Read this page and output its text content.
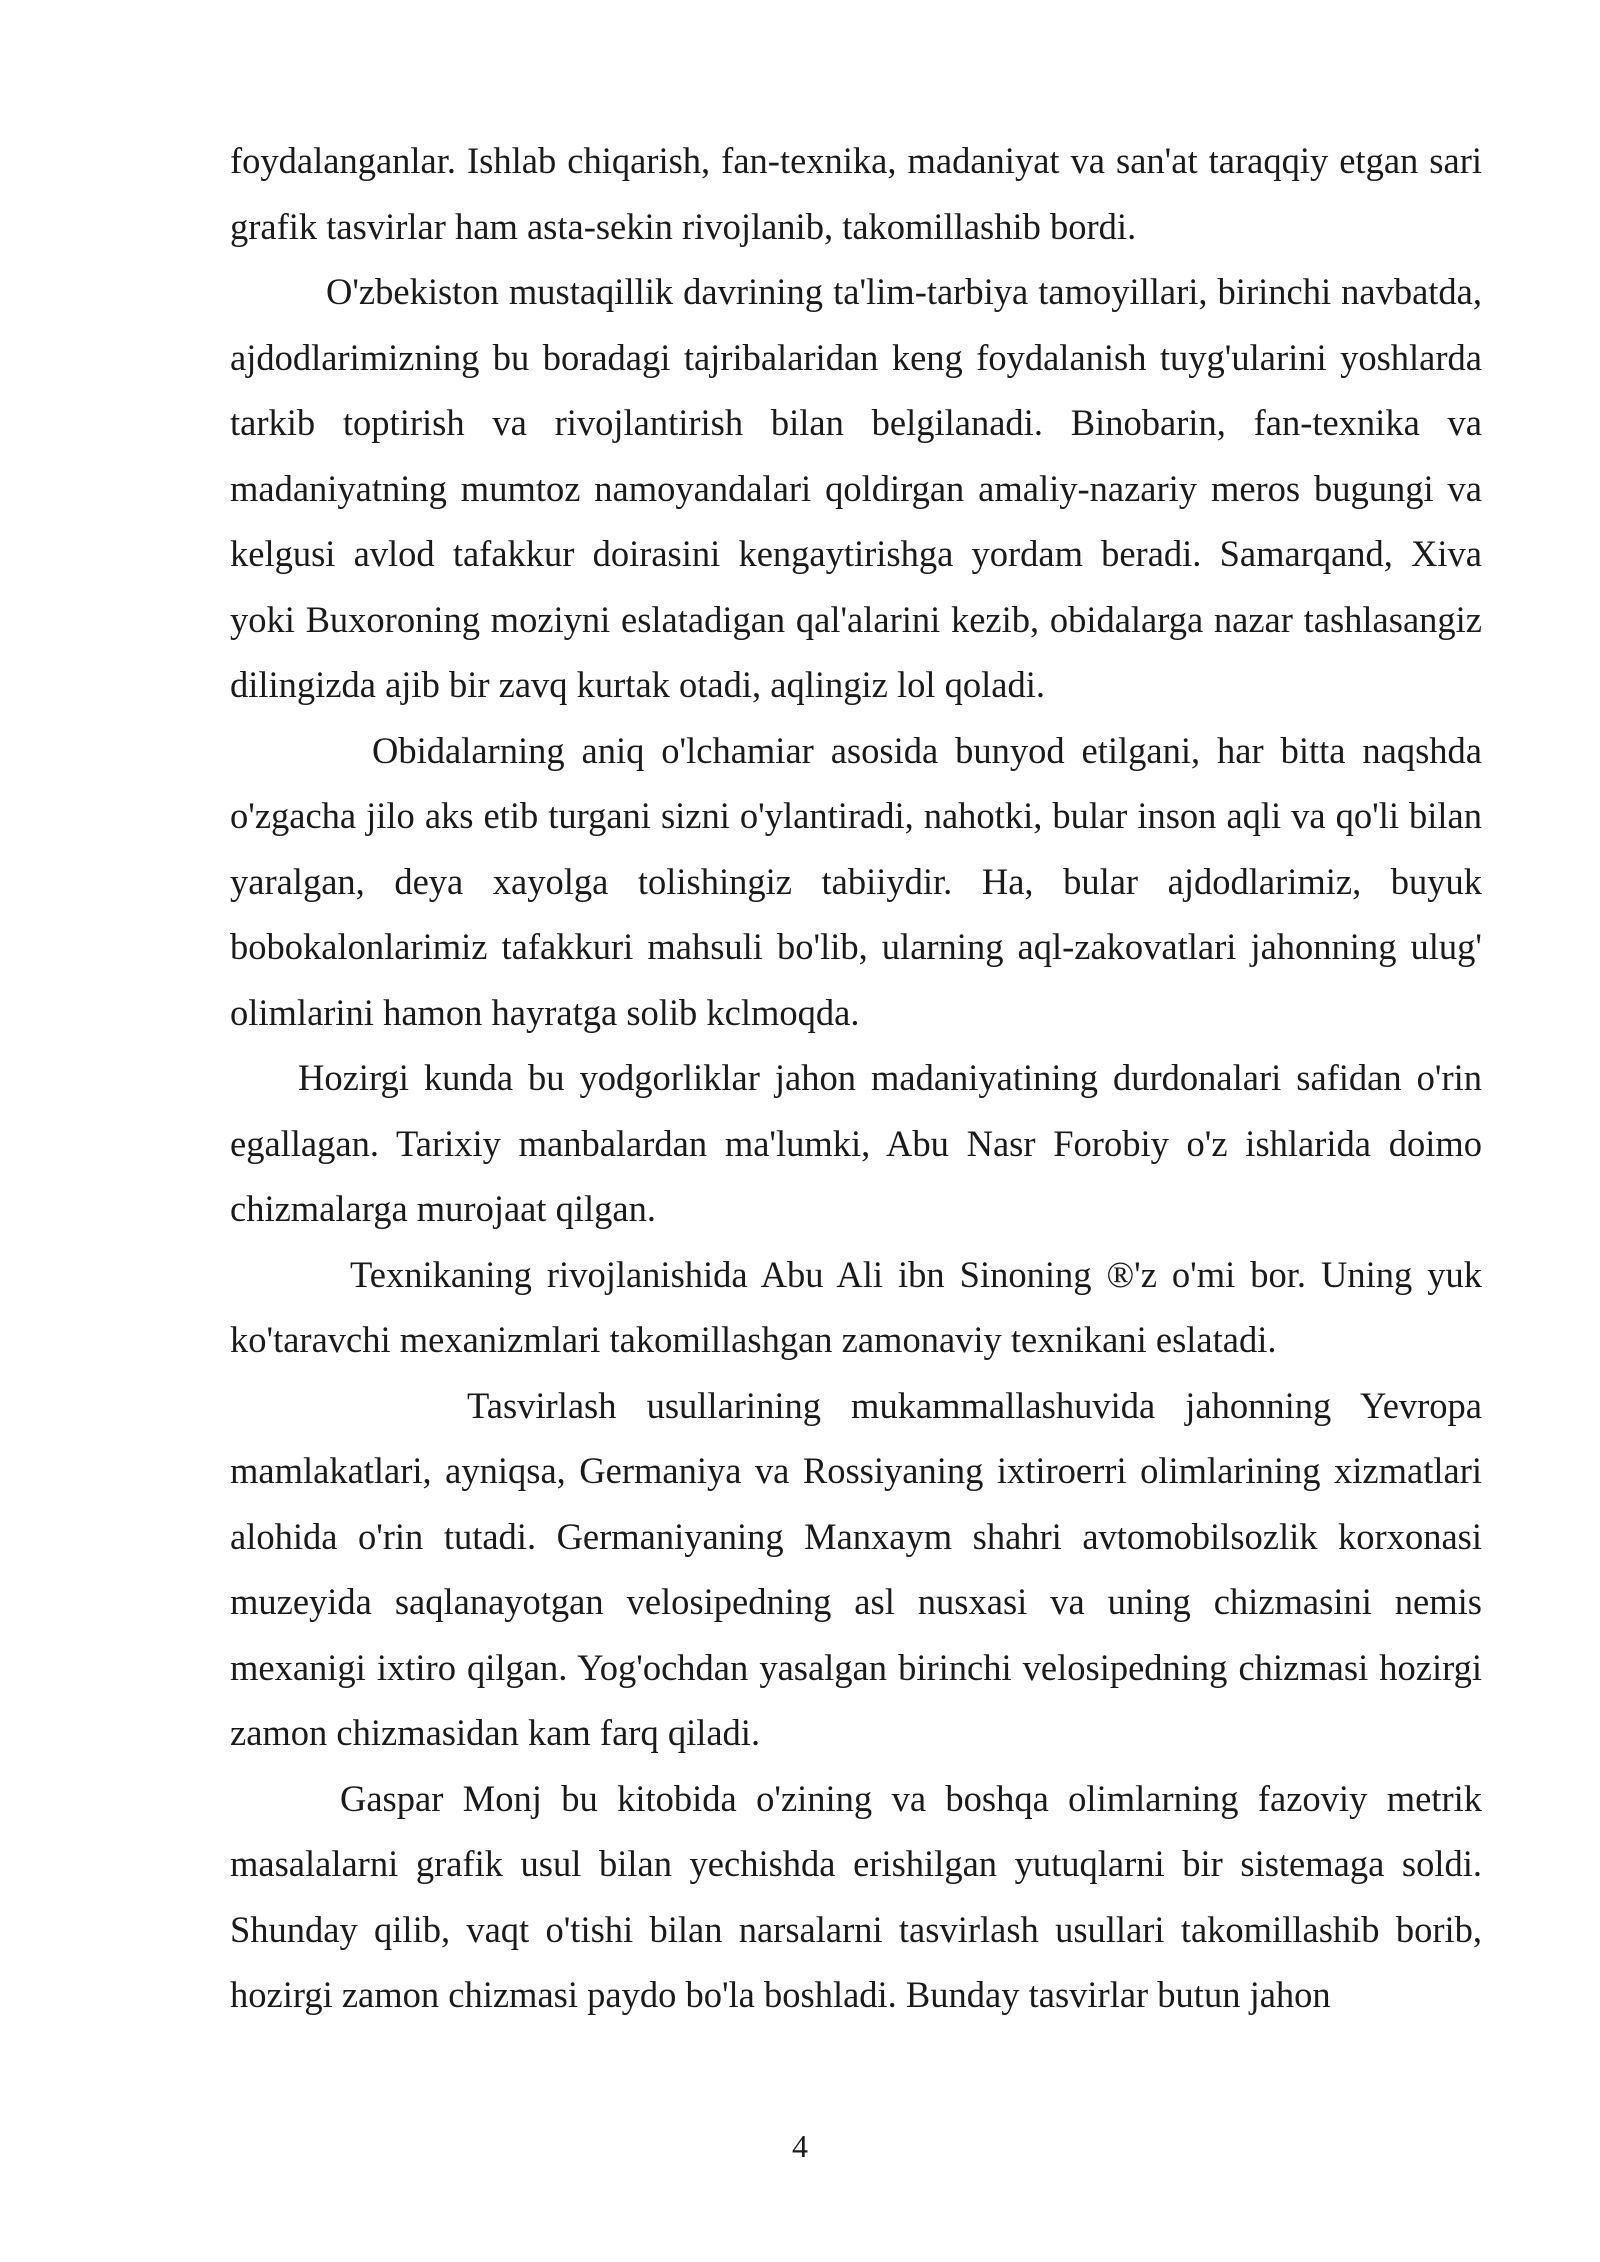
foydalanganlar. Ishlab chiqarish, fan-texnika, madaniyat va san'at taraqqiy etgan sari grafik tasvirlar ham asta-sekin rivojlanib, takomillashib bordi.

O'zbekiston mustaqillik davrining ta'lim-tarbiya tamoyillari, birinchi navbatda, ajdodlarimizning bu boradagi tajribalaridan keng foydalanish tuyg'ularini yoshlarda tarkib toptirish va rivojlantirish bilan belgilanadi. Binobarin, fan-texnika va madaniyatning mumtoz namoyandalari qoldirgan amaliy-nazariy meros bugungi va kelgusi avlod tafakkur doirasini kengaytirishga yordam beradi. Samarqand, Xiva yoki Buxoroning moziyni eslatadigan qal'alarini kezib, obidalarga nazar tashlasangiz dilingizda ajib bir zavq kurtak otadi, aqlingiz lol qoladi.

Obidalarning aniq o'lchamiar asosida bunyod etilgani, har bitta naqshda o'zgacha jilo aks etib turgani sizni o'ylantiradi, nahotki, bular inson aqli va qo'li bilan yaralgan, deya xayolga tolishingiz tabiiydir. Ha, bular ajdodlarimiz, buyuk bobokalonlarimiz tafakkuri mahsuli bo'lib, ularning aql-zakovatlari jahonning ulug' olimlarini hamon hayratga solib kclmoqda.

Hozirgi kunda bu yodgorliklar jahon madaniyatining durdonalari safidan o'rin egallagan. Tarixiy manbalardan ma'lumki, Abu Nasr Forobiy o'z ishlarida doimo chizmalarga murojaat qilgan.

Texnikaning rivojlanishida Abu Ali ibn Sinoning ®'z o'mi bor. Uning yuk ko'taravchi mexanizmlari takomillashgan zamonaviy texnikani eslatadi.

Tasvirlash usullarining mukammallashuvida jahonning Yevropa mamlakatlari, ayniqsa, Germaniya va Rossiyaning ixtiroerri olimlarining xizmatlari alohida o'rin tutadi. Germaniyaning Manxaym shahri avtomobilsozlik korxonasi muzeyida saqlanayotgan velosipedning asl nusxasi va uning chizmasini nemis mexanigi ixtiro qilgan. Yog'ochdan yasalgan birinchi velosipedning chizmasi hozirgi zamon chizmasidan kam farq qiladi.

Gaspar Monj bu kitobida o'zining va boshqa olimlarning fazoviy metrik masalalarni grafik usul bilan yechishda erishilgan yutuqlarni bir sistemaga soldi. Shunday qilib, vaqt o'tishi bilan narsalarni tasvirlash usullari takomillashib borib, hozirgi zamon chizmasi paydo bo'la boshladi. Bunday tasvirlar butun jahon

4
